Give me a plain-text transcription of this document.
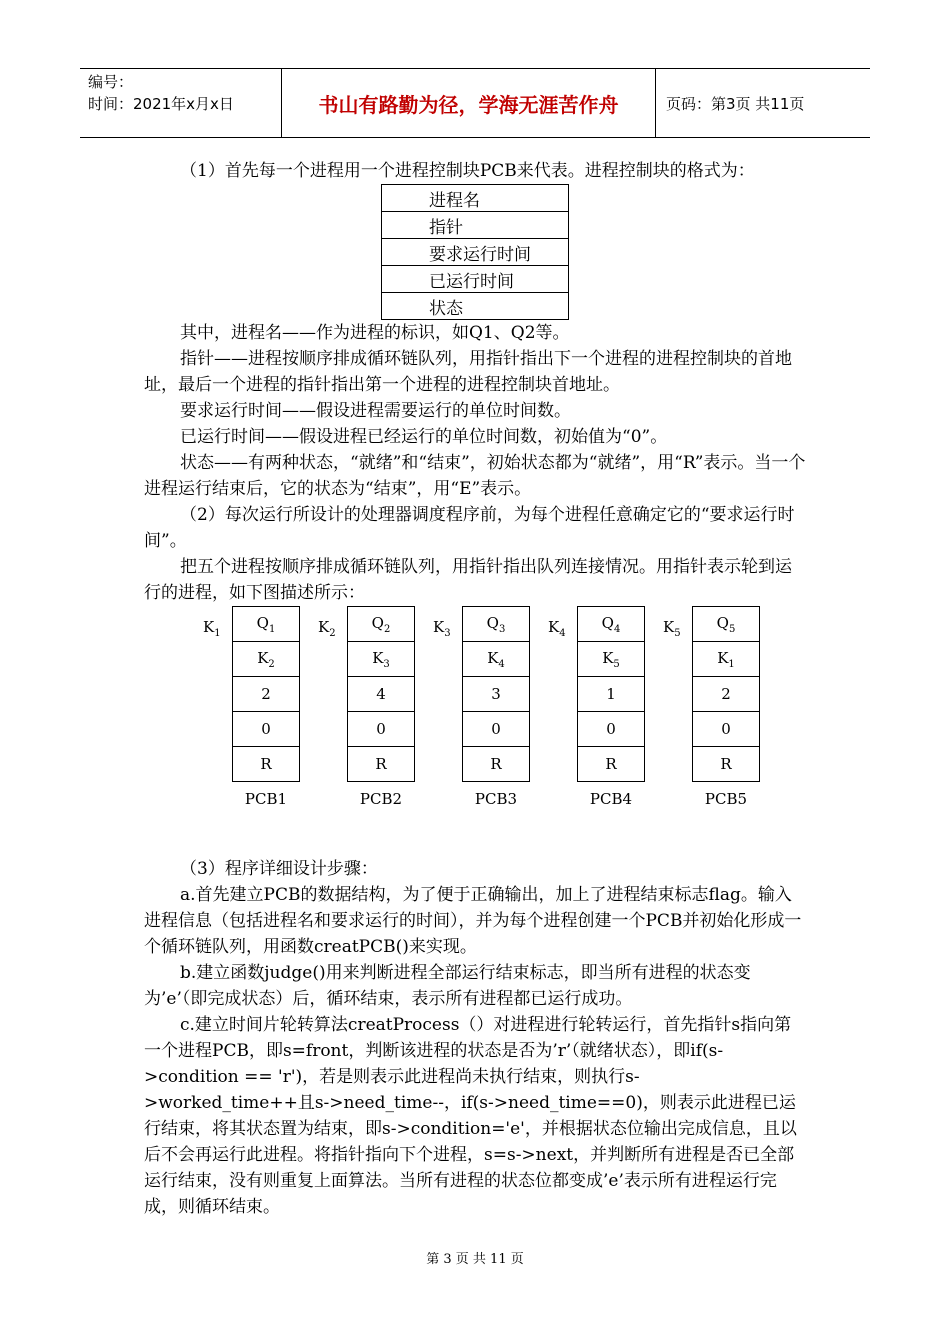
编号：
时间：2021年x月x日	书山有路勤为径，学海无涯苦作舟	页码：第3页 共11页

（1）首先每一个进程用一个进程控制块PCB来代表。进程控制块的格式为：

进程名
指针
要求运行时间
已运行时间
状态

其中，进程名——作为进程的标识，如Q1、Q2等。

指针——进程按顺序排成循环链队列，用指针指出下一个进程的进程控制块的首地址，最后一个进程的指针指出第一个进程的进程控制块首地址。

要求运行时间——假设进程需要运行的单位时间数。

已运行时间——假设进程已经运行的单位时间数，初始值为“0”。

状态——有两种状态，“就绪”和“结束”，初始状态都为“就绪”，用“R”表示。当一个进程运行结束后，它的状态为“结束”，用“E”表示。

（2）每次运行所设计的处理器调度程序前，为每个进程任意确定它的“要求运行时间”。

把五个进程按顺序排成循环链队列，用指针指出队列连接情况。用指针表示轮到运行的进程，如下图描述所示：

$K_1$
$Q_1$
$K_2$
2
0
R
PCB1
$K_2$
$Q_2$
$K_3$
4
0
R
PCB2
$K_3$
$Q_3$
$K_4$
3
0
R
PCB3
$K_4$
$Q_4$
$K_5$
1
0
R
PCB4
$K_5$
$Q_5$
$K_1$
2
0
R
PCB5

（3）程序详细设计步骤：

a.首先建立PCB的数据结构，为了便于正确输出，加上了进程结束标志flag。输入进程信息（包括进程名和要求运行的时间），并为每个进程创建一个PCB并初始化形成一个循环链队列，用函数creatPCB()来实现。

b.建立函数judge()用来判断进程全部运行结束标志，即当所有进程的状态变为’e’（即完成状态）后，循环结束，表示所有进程都已运行成功。

c.建立时间片轮转算法creatProcess（）对进程进行轮转运行，首先指针s指向第一个进程PCB，即s=front，判断该进程的状态是否为’r’（就绪状态），即if(s->condition == 'r')，若是则表示此进程尚未执行结束，则执行s->worked_time++且s->need_time--，if(s->need_time==0)，则表示此进程已运行结束，将其状态置为结束，即s->condition='e'，并根据状态位输出完成信息，且以后不会再运行此进程。将指针指向下个进程，s=s->next，并判断所有进程是否已全部运行结束，没有则重复上面算法。当所有进程的状态位都变成’e’表示所有进程运行完成，则循环结束。

第 3 页 共 11 页
